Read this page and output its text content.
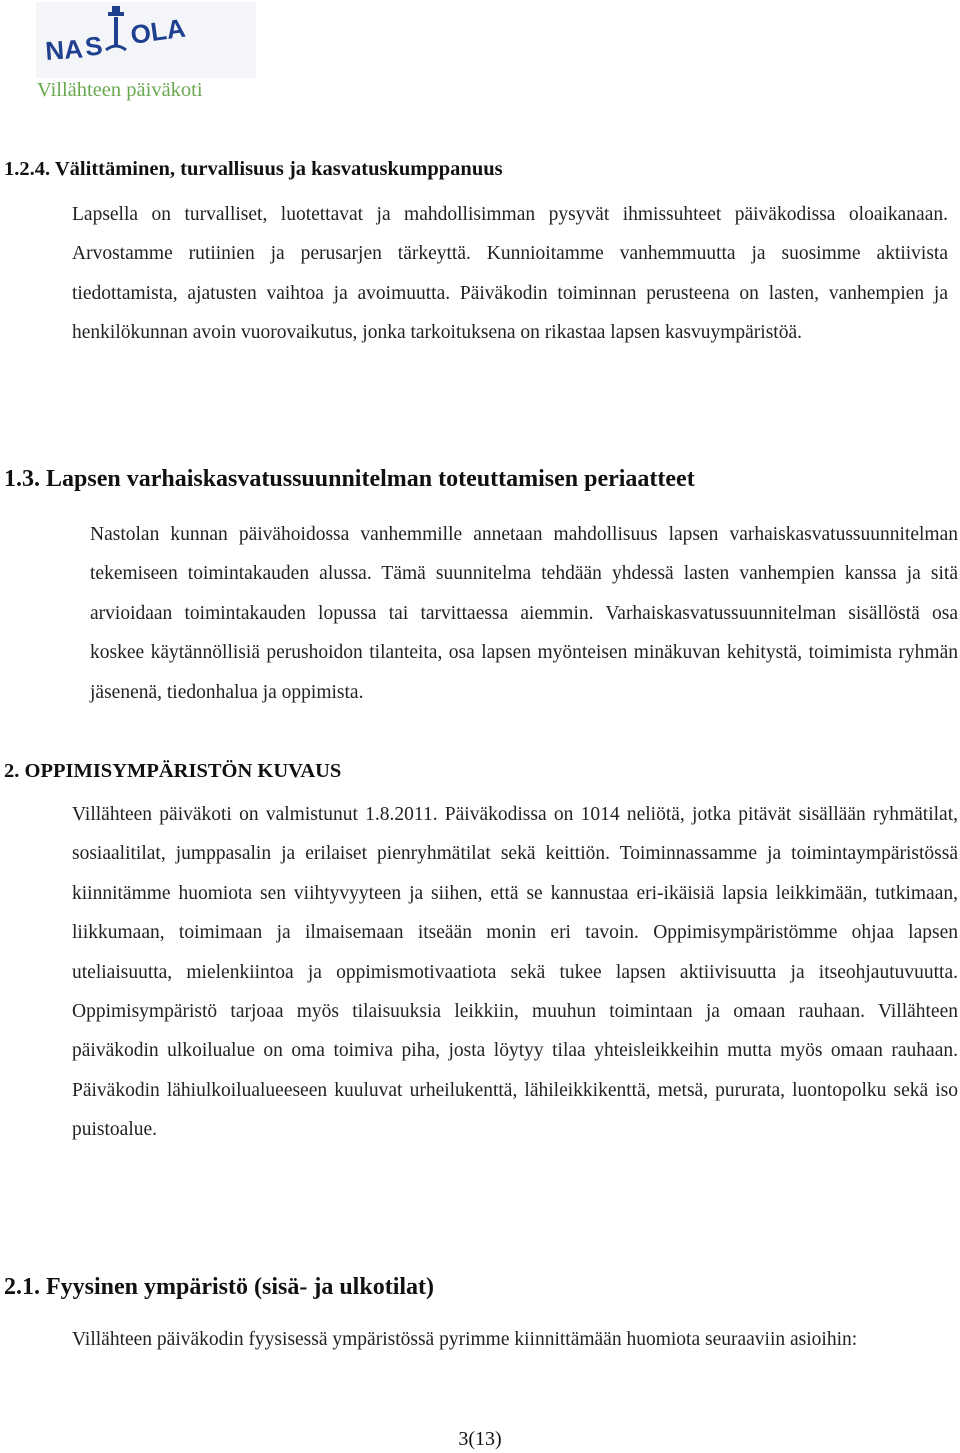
NA S OLA
Villähteen päiväkoti
1.2.4. Välittäminen, turvallisuus ja kasvatuskumppanuus
Lapsella on turvalliset, luotettavat ja mahdollisimman pysyvät ihmissuhteet päiväkodissa oloaikanaan. Arvostamme rutiinien ja perusarjen tärkeyttä. Kunnioitamme vanhemmuutta ja suosimme aktiivista tiedottamista, ajatusten vaihtoa ja avoimuutta. Päiväkodin toiminnan perusteena on lasten, vanhempien ja henkilökunnan avoin vuorovaikutus, jonka tarkoituksena on rikastaa lapsen kasvuympäristöä.
1.3. Lapsen varhaiskasvatussuunnitelman toteuttamisen periaatteet
Nastolan kunnan päivähoidossa vanhemmille annetaan mahdollisuus lapsen varhaiskasvatussuunnitelman tekemiseen toimintakauden alussa. Tämä suunnitelma tehdään yhdessä lasten vanhempien kanssa ja sitä arvioidaan toimintakauden lopussa tai tarvittaessa aiemmin. Varhaiskasvatussuunnitelman sisällöstä osa koskee käytännöllisiä perushoidon tilanteita, osa lapsen myönteisen minäkuvan kehitystä, toimimista ryhmän jäsenenä, tiedonhalua ja oppimista.
2. OPPIMISYMPÄRISTÖN KUVAUS
Villähteen päiväkoti on valmistunut 1.8.2011. Päiväkodissa on 1014 neliötä, jotka pitävät sisällään ryhmätilat, sosiaalitilat, jumppasalin ja erilaiset pienryhmätilat sekä keittiön. Toiminnassamme ja toimintaympäristössä kiinnitämme huomiota sen viihtyvyyteen ja siihen, että se kannustaa eri-ikäisiä lapsia leikkimään, tutkimaan, liikkumaan, toimimaan ja ilmaisemaan itseään monin eri tavoin. Oppimisympäristömme ohjaa lapsen uteliaisuutta, mielenkiintoa ja oppimismotivaatiota sekä tukee lapsen aktiivisuutta ja itseohjautuvuutta. Oppimisympäristö tarjoaa myös tilaisuuksia leikkiin, muuhun toimintaan ja omaan rauhaan. Villähteen päiväkodin ulkoilualue on oma toimiva piha, josta löytyy tilaa yhteisleikkeihin mutta myös omaan rauhaan. Päiväkodin lähiulkoilualueeseen kuuluvat urheilukenttä, lähileikkikenttä, metsä, pururata, luontopolku sekä iso puistoalue.
2.1. Fyysinen ympäristö (sisä- ja ulkotilat)
Villähteen päiväkodin fyysisessä ympäristössä pyrimme kiinnittämään huomiota seuraaviin asioihin:
3(13)
